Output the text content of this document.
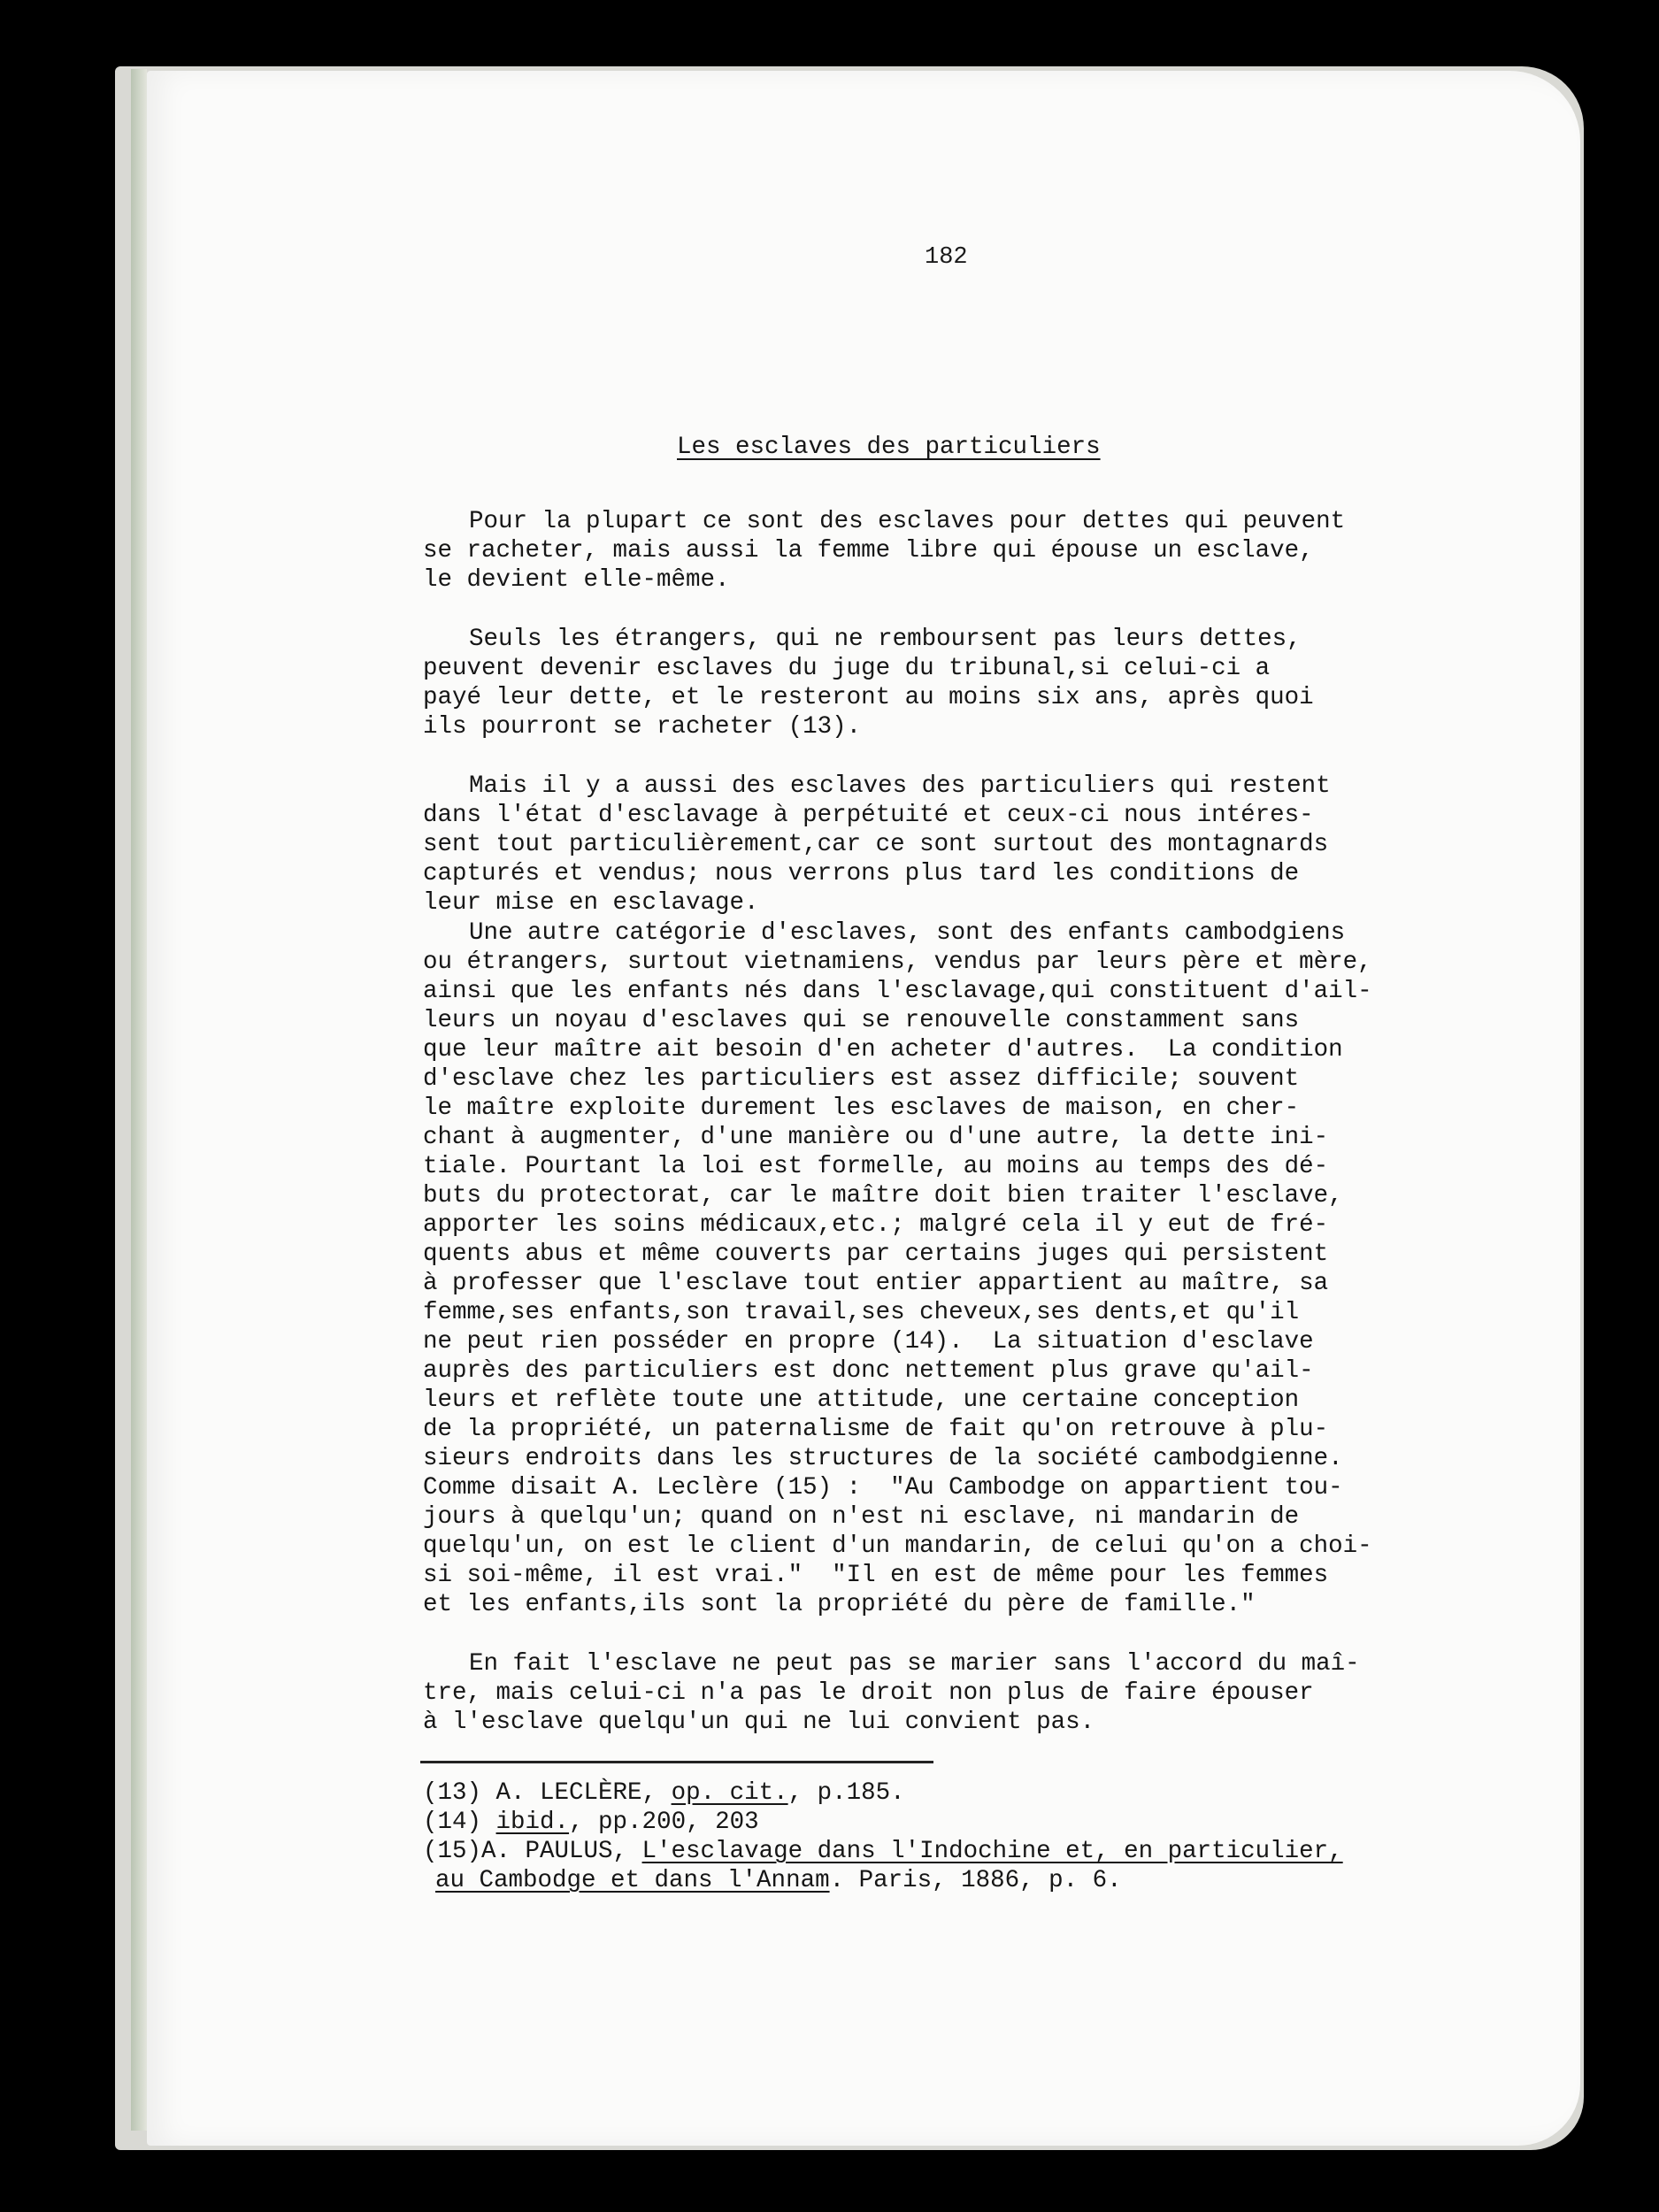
182
Les esclaves des particuliers
Pour la plupart ce sont des esclaves pour dettes qui peuvent
se racheter, mais aussi la femme libre qui épouse un esclave,
le devient elle-même.
Seuls les étrangers, qui ne remboursent pas leurs dettes,
peuvent devenir esclaves du juge du tribunal,si celui-ci a
payé leur dette, et le resteront au moins six ans, après quoi
ils pourront se racheter (13).
Mais il y a aussi des esclaves des particuliers qui restent
dans l'état d'esclavage à perpétuité et ceux-ci nous intéres-
sent tout particulièrement,car ce sont surtout des montagnards
capturés et vendus; nous verrons plus tard les conditions de
leur mise en esclavage.
Une autre catégorie d'esclaves, sont des enfants cambodgiens
ou étrangers, surtout vietnamiens, vendus par leurs père et mère,
ainsi que les enfants nés dans l'esclavage,qui constituent d'ail-
leurs un noyau d'esclaves qui se renouvelle constamment sans
que leur maître ait besoin d'en acheter d'autres.  La condition
d'esclave chez les particuliers est assez difficile; souvent
le maître exploite durement les esclaves de maison, en cher-
chant à augmenter, d'une manière ou d'une autre, la dette ini-
tiale. Pourtant la loi est formelle, au moins au temps des dé-
buts du protectorat, car le maître doit bien traiter l'esclave,
apporter les soins médicaux,etc.; malgré cela il y eut de fré-
quents abus et même couverts par certains juges qui persistent
à professer que l'esclave tout entier appartient au maître, sa
femme,ses enfants,son travail,ses cheveux,ses dents,et qu'il
ne peut rien posséder en propre (14).  La situation d'esclave
auprès des particuliers est donc nettement plus grave qu'ail-
leurs et reflète toute une attitude, une certaine conception
de la propriété, un paternalisme de fait qu'on retrouve à plu-
sieurs endroits dans les structures de la société cambodgienne.
Comme disait A. Leclère (15) :  "Au Cambodge on appartient tou-
jours à quelqu'un; quand on n'est ni esclave, ni mandarin de
quelqu'un, on est le client d'un mandarin, de celui qu'on a choi-
si soi-même, il est vrai."  "Il en est de même pour les femmes
et les enfants,ils sont la propriété du père de famille."
En fait l'esclave ne peut pas se marier sans l'accord du maî-
tre, mais celui-ci n'a pas le droit non plus de faire épouser
à l'esclave quelqu'un qui ne lui convient pas.
(13) A. LECLÈRE, op. cit., p.185.
(14) ibid., pp.200, 203
(15)A. PAULUS, L'esclavage dans l'Indochine et, en particulier,
au Cambodge et dans l'Annam. Paris, 1886, p. 6.
